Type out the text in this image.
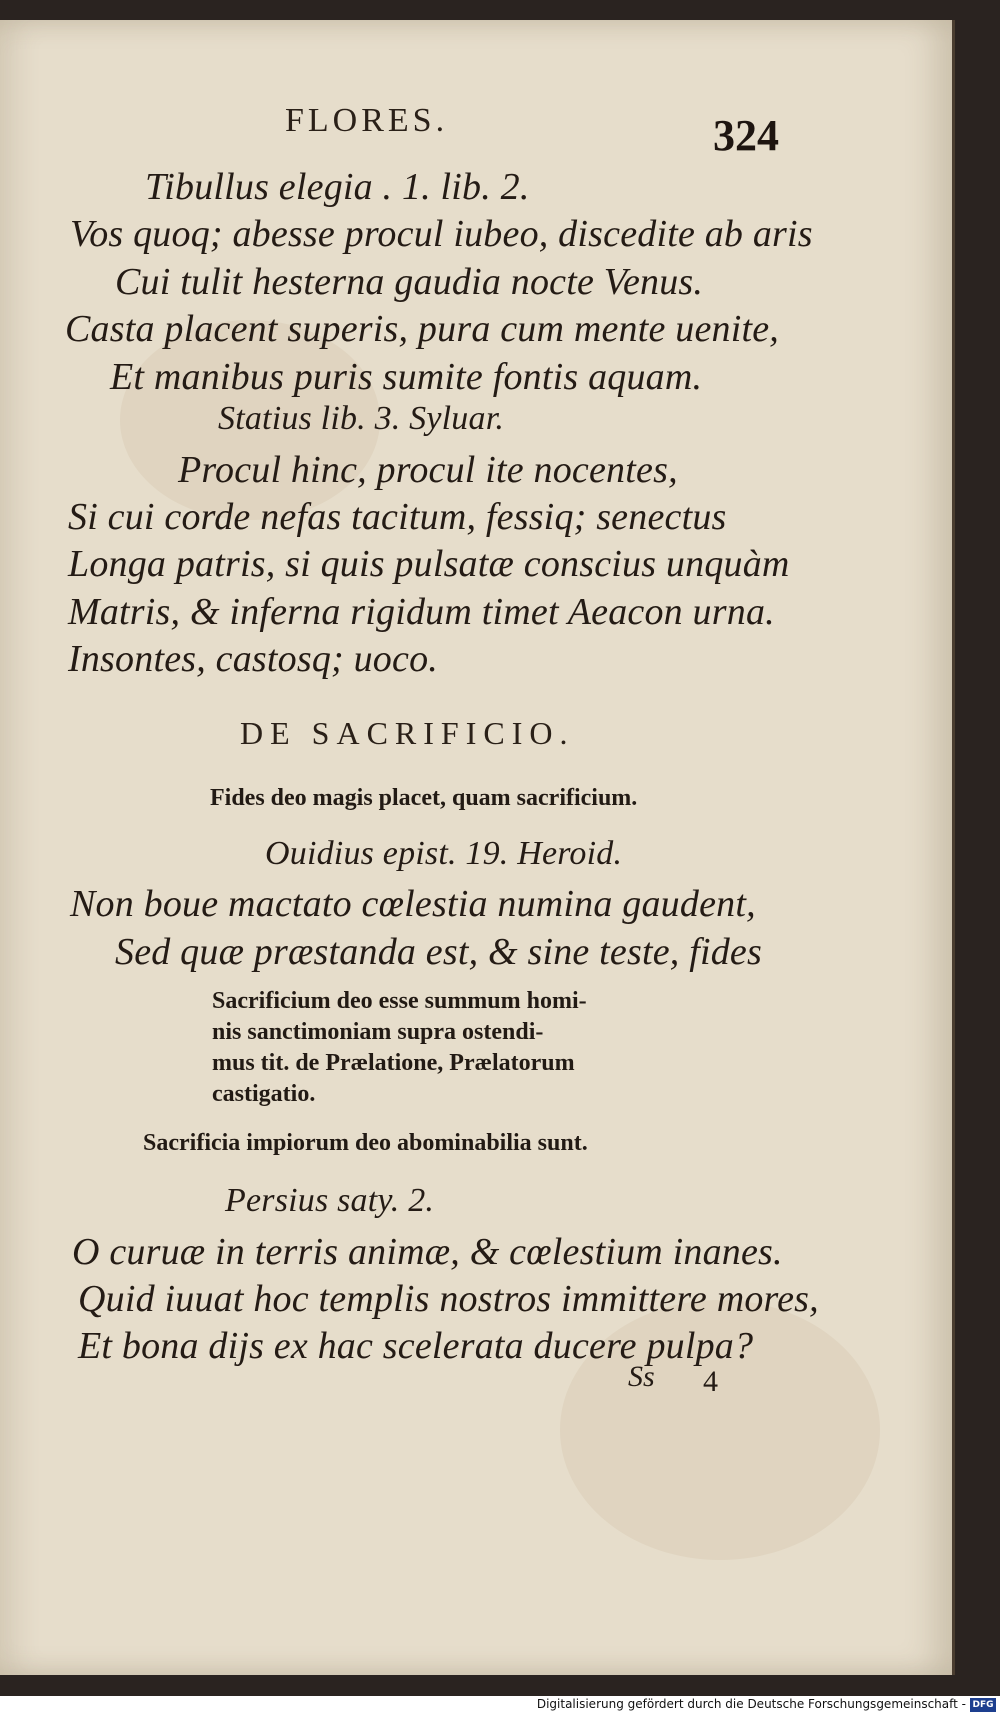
FLORES.	324
Tibullus elegia . 1. lib. 2.
Vos quoq; abesse procul iubeo, discedite ab aris
Cui tulit hesterna gaudia nocte Venus.
Casta placent superis, pura cum mente uenite,
Et manibus puris sumite fontis aquam.
Statius lib. 3. Syluar.
Procul hinc, procul ite nocentes,
Si cui corde nefas tacitum, fessiq; senectus
Longa patris, si quis pulsatæ conscius unquàm
Matris, & inferna rigidum timet Aeacon urna.
Insontes, castosq; uoco.
DE SACRIFICIO.
Fides deo magis placet, quam sacrificium.
Ouidius epist. 19. Heroid.
Non boue mactato cœlestia numina gaudent,
Sed quæ præstanda est, & sine teste, fides
Sacrificium deo esse summum homi-
nis sanctimoniam supra ostendi-
mus tit. de Prælatione, Prælatorum
castigatio.
Sacrificia impiorum deo abominabilia sunt.
Persius saty. 2.
O curuæ in terris animæ, & cœlestium inanes.
Quid iuuat hoc templis nostros immittere mores,
Et bona dijs ex hac scelerata ducere pulpa?
Ss 4
Digitalisierung gefördert durch die Deutsche Forschungsgemeinschaft - DFG
